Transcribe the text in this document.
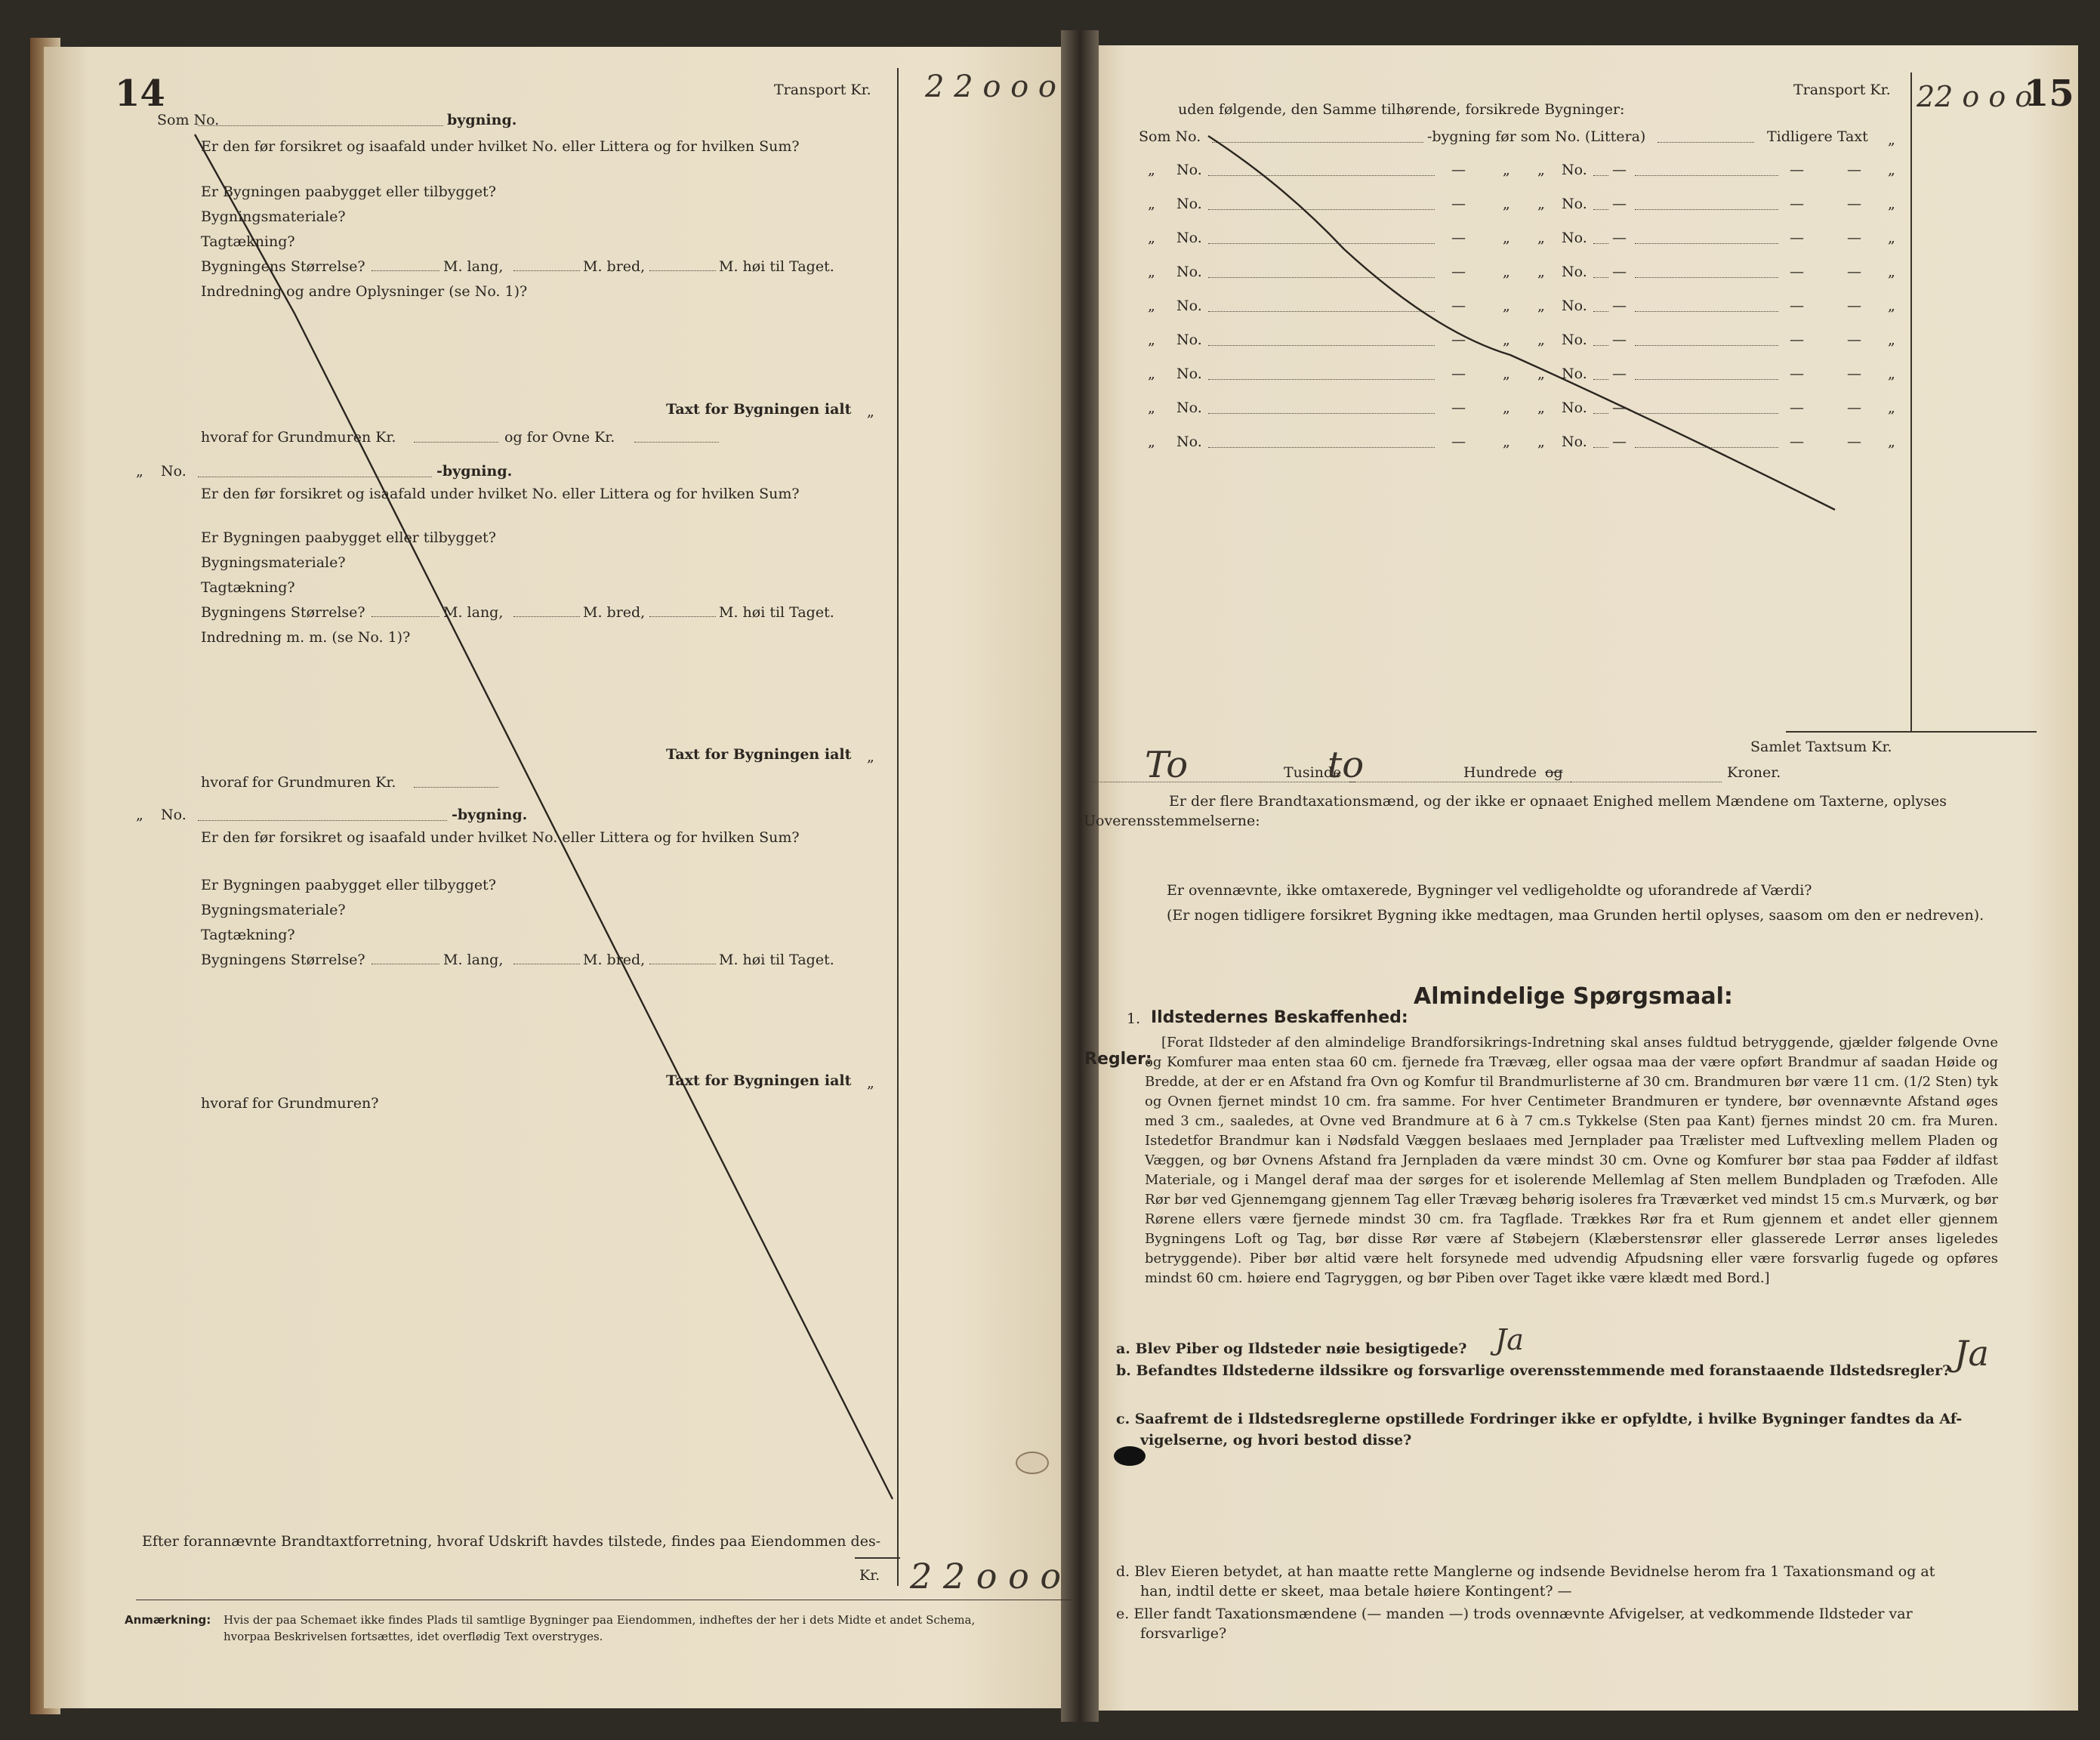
14	Transport Kr. 2 2 o o o
Som No.	bygning.
Er den før forsikret og isaafald under hvilket No. eller Littera og for hvilken Sum?
Er Bygningen paabygget eller tilbygget?
Bygningsmateriale?
Tagtækning?
Bygningens Størrelse?	M. lang,	M. bred,	M. høi til Taget.
Indredning og andre Oplysninger (se No. 1)?
Taxt for Bygningen ialt „
hvoraf for Grundmuren Kr.	og for Ovne Kr.
„ No.	-bygning.
Er den før forsikret og isaafald under hvilket No. eller Littera og for hvilken Sum?
Er Bygningen paabygget eller tilbygget?
Bygningsmateriale?
Tagtækning?
Bygningens Størrelse?	M. lang,	M. bred,	M. høi til Taget.
Indredning m. m. (se No. 1)?
Taxt for Bygningen ialt „
hvoraf for Grundmuren Kr.
„ No.	-bygning.
Er den før forsikret og isaafald under hvilket No. eller Littera og for hvilken Sum?
Er Bygningen paabygget eller tilbygget?
Bygningsmateriale?
Tagtækning?
Bygningens Størrelse?	M. lang,	M. bred,	M. høi til Taget.
Taxt for Bygningen ialt „
hvoraf for Grundmuren?
Efter forannævnte Brandtaxtforretning, hvoraf Udskrift havdes tilstede, findes paa Eiendommen des-
Kr. 2 2 o o o
Anmærkning: Hvis der paa Schemaet ikke findes Plads til samtlige Bygninger paa Eiendommen, indheftes der her i dets Midte et andet Schema,
hvorpaa Beskrivelsen fortsættes, idet overflødig Text overstryges.
15
Transport Kr. 22 o o o
uden følgende, den Samme tilhørende, forsikrede Bygninger:
Som No.	-bygning før som No. (Littera)	Tidligere Taxt „
„ No.	—	„ „ No. —	—	— „
„ No.	—	„ „ No. —	—	— „
„ No.	—	„ „ No. —	—	— „
„ No.	—	„ „ No. —	—	— „
„ No.	—	„ „ No. —	—	— „
„ No.	—	„ „ No. —	—	— „
„ No.	—	„ „ No. —	—	— „
„ No.	—	„ „ No. —	—	— „
„ No.	—	„ „ No. —	—	— „
Samlet Taxtsum Kr.
To	Tusinde
to	Hundrede og	Kroner.
Er der flere Brandtaxationsmænd, og der ikke er opnaaet Enighed mellem Mændene om Taxterne, oplyses
Uoverensstemmelserne:
Er ovennævnte, ikke omtaxerede, Bygninger vel vedligeholdte og uforandrede af Værdi?
(Er nogen tidligere forsikret Bygning ikke medtagen, maa Grunden hertil oplyses, saasom om den er nedreven).
Almindelige Spørgsmaal:
1. Ildstedernes Beskaffenhed:
Regler:
[Forat Ildsteder af den almindelige Brandforsikrings-Indretning skal anses fuldtud betryggende, gjælder følgende Ovne og Komfurer maa enten staa 60 cm. fjernede fra Trævæg, eller ogsaa maa der være opført Brandmur af saadan Høide og Bredde, at der er en Afstand fra Ovn og Komfur til Brandmurlisterne af 30 cm. Brandmuren bør være 11 cm. (1/2 Sten) tyk og Ovnen fjernet mindst 10 cm. fra samme. For hver Centimeter Brandmuren er tyndere, bør ovennævnte Afstand øges med 3 cm., saaledes, at Ovne ved Brandmure at 6 à 7 cm.s Tykkelse (Sten paa Kant) fjernes mindst 20 cm. fra Muren. Istedetfor Brandmur kan i Nødsfald Væggen beslaaes med Jernplader paa Trælister med Luftvexling mellem Pladen og Væggen, og bør Ovnens Afstand fra Jernpladen da være mindst 30 cm. Ovne og Komfurer bør staa paa Fødder af ildfast Materiale, og i Mangel deraf maa der sørges for et isolerende Mellemlag af Sten mellem Bundpladen og Træfoden. Alle Rør bør ved Gjennemgang gjennem Tag eller Trævæg behørig isoleres fra Træværket ved mindst 15 cm.s Murværk, og bør Rørene ellers være fjernede mindst 30 cm. fra Tagflade. Trækkes Rør fra et Rum gjennem et andet eller gjennem Bygningens Loft og Tag, bør disse Rør være af Støbejern (Klæberstensrør eller glasserede Lerrør anses ligeledes betryggende). Piber bør altid være helt forsynede med udvendig Afpudsning eller være forsvarlig fugede og opføres mindst 60 cm. høiere end Tagryggen, og bør Piben over Taget ikke være klædt med Bord.]
a. Blev Piber og Ildsteder nøie besigtigede? Ja
b. Befandtes Ildstederne ildssikre og forsvarlige overensstemmende med foranstaaende Ildstedsregler? Ja
c. Saafremt de i Ildstedsreglerne opstillede Fordringer ikke er opfyldte, i hvilke Bygninger fandtes da Af-
vigelserne, og hvori bestod disse?
d. Blev Eieren betydet, at han maatte rette Manglerne og indsende Bevidnelse herom fra 1 Taxationsmand og at
han, indtil dette er skeet, maa betale høiere Kontingent? —
e. Eller fandt Taxationsmændene (— manden —) trods ovennævnte Afvigelser, at vedkommende Ildsteder var
forsvarlige?
